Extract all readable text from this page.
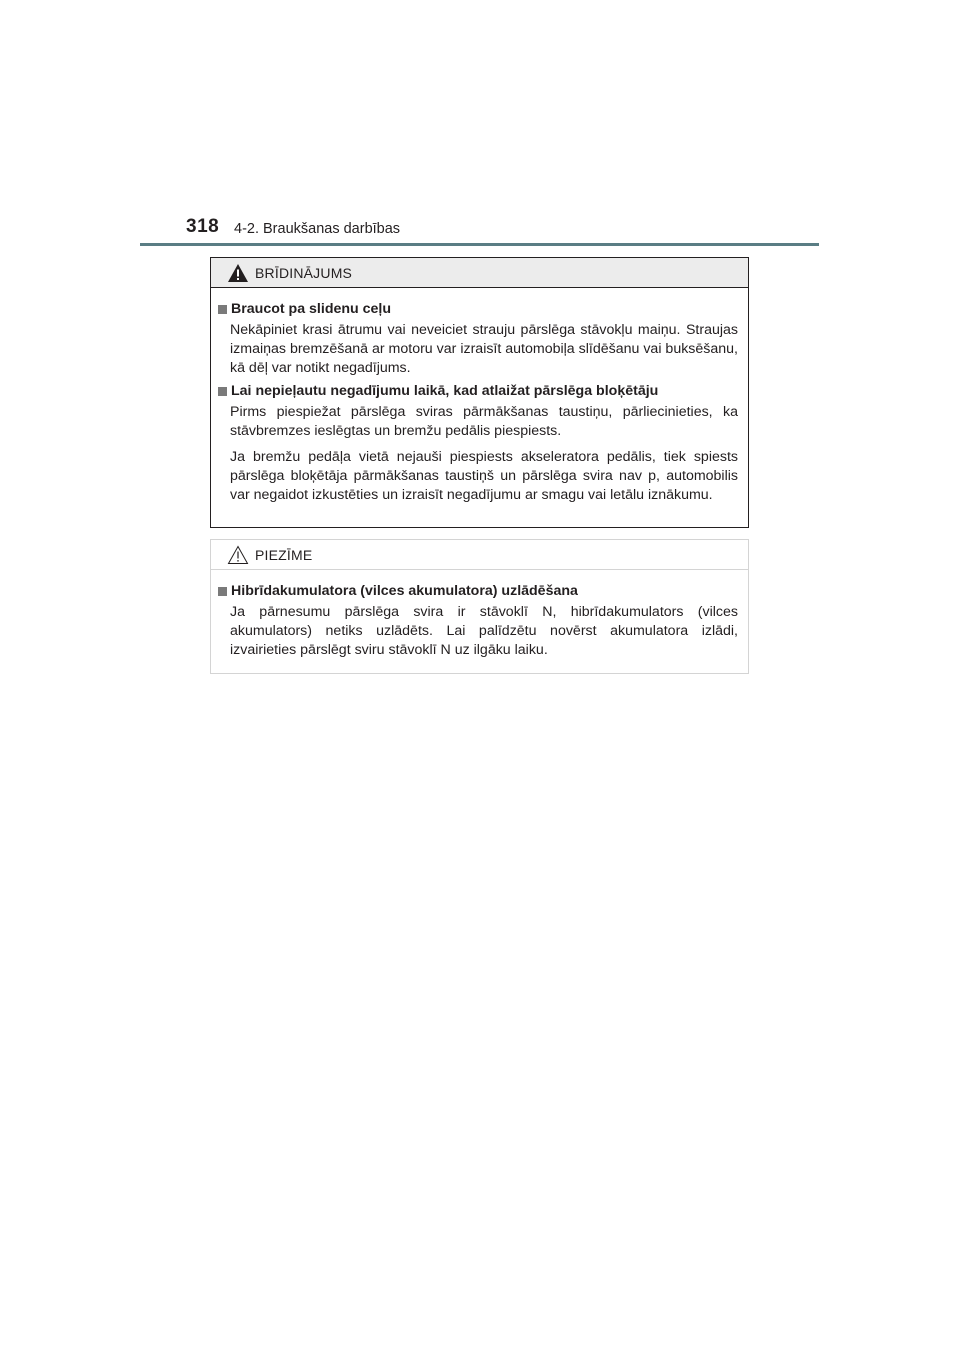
318 4-2. Braukšanas darbības
BRĪDINĀJUMS
Braucot pa slidenu ceļu

Nekāpiniet krasi ātrumu vai neveiciet strauju pārslēga stāvokļu maiņu. Straujas izmaiņas bremzēšanā ar motoru var izraisīt automobiļa slīdēšanu vai buksēšanu, kā dēļ var notikt negadījums.

Lai nepieļautu negadījumu laikā, kad atlaižat pārslēga bloķētāju

Pirms piespiežat pārslēga sviras pārmākšanas taustiņu, pārliecinieties, ka stāvbremzes ieslēgtas un bremžu pedālis piespiests.

Ja bremžu pedāļa vietā nejauši piespiests akseleratora pedālis, tiek spiests pārslēga bloķētāja pārmākšanas taustiņš un pārslēga svira nav p, automobilis var negaidot izkustēties un izraisīt negadījumu ar smagu vai letālu iznākumu.

PIEZĪME
Hibrīdakumulatora (vilces akumulatora) uzlādēšana

Ja pārnesumu pārslēga svira ir stāvoklī N, hibrīdakumulators (vilces akumulators) netiks uzlādēts. Lai palīdzētu novērst akumulatora izlādi, izvairieties pārslēgt sviru stāvoklī N uz ilgāku laiku.
